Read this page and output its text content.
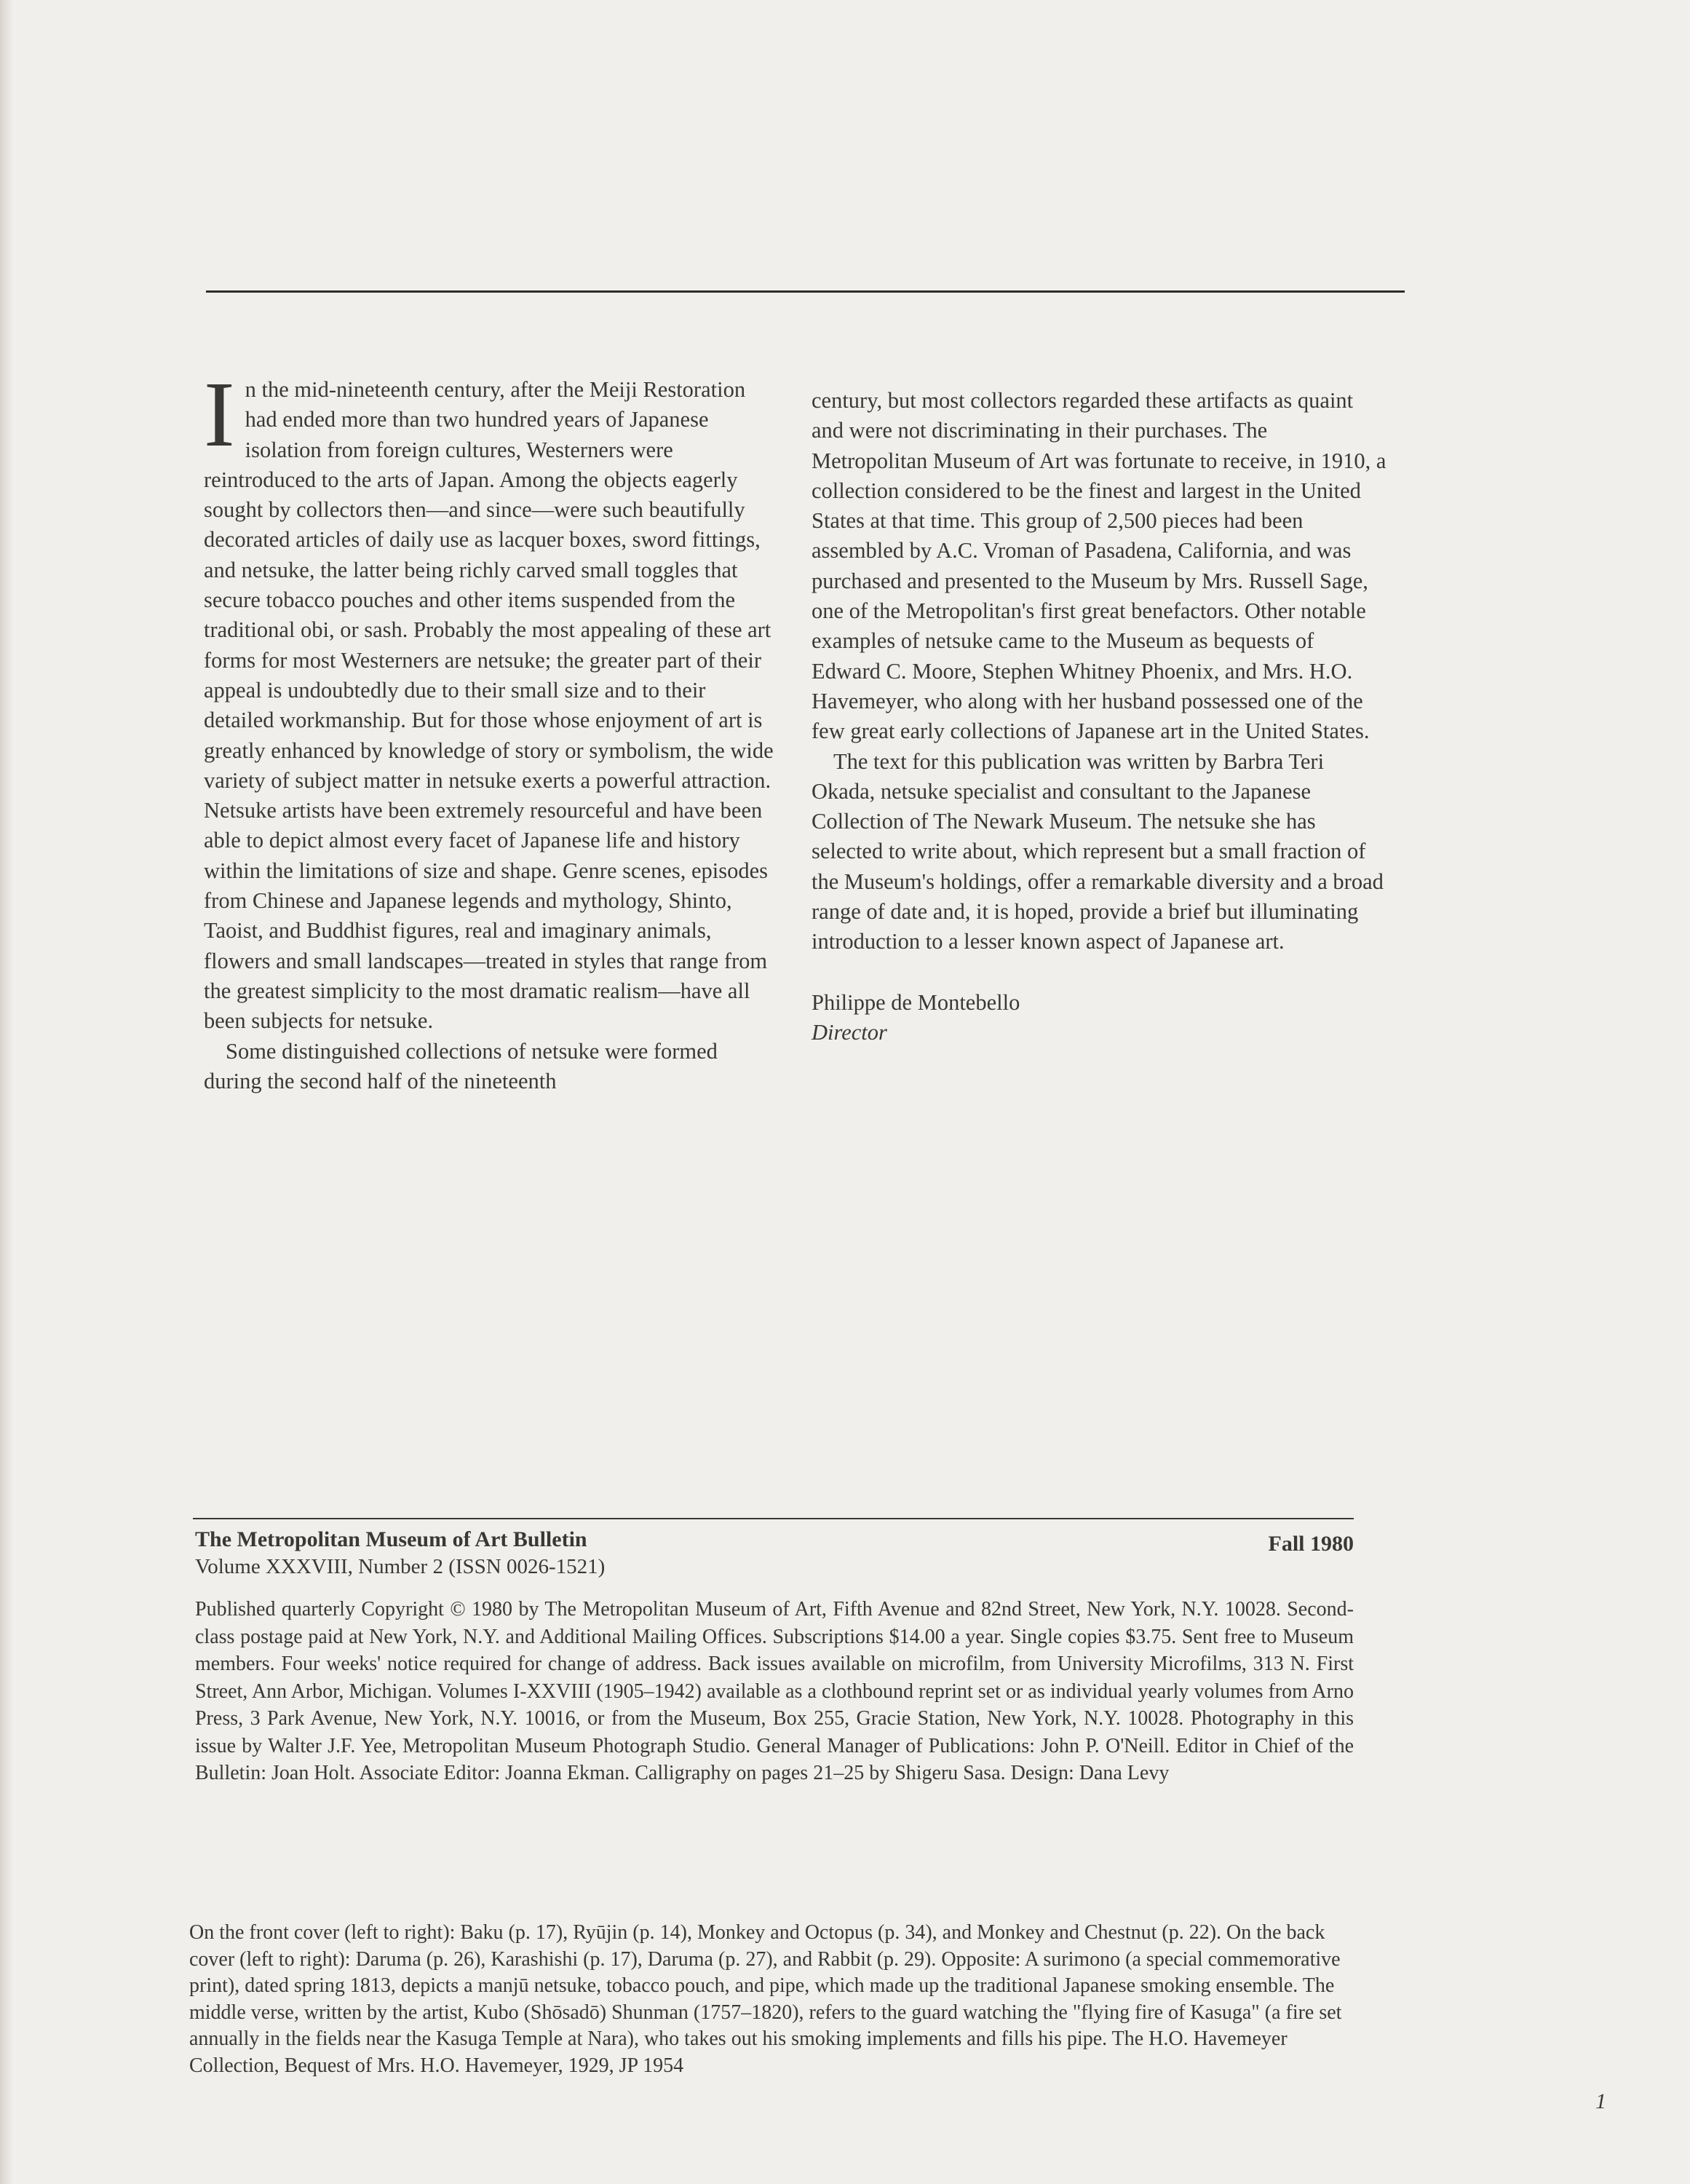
I n the mid-nineteenth century, after the Meiji Restoration had ended more than two hundred years of Japanese isolation from foreign cultures, Westerners were reintroduced to the arts of Japan. Among the objects eagerly sought by collectors then—and since—were such beautifully decorated articles of daily use as lacquer boxes, sword fittings, and netsuke, the latter being richly carved small toggles that secure tobacco pouches and other items suspended from the traditional obi, or sash. Probably the most appealing of these art forms for most Westerners are netsuke; the greater part of their appeal is undoubtedly due to their small size and to their detailed workmanship. But for those whose enjoyment of art is greatly enhanced by knowledge of story or symbolism, the wide variety of subject matter in netsuke exerts a powerful attraction. Netsuke artists have been extremely resourceful and have been able to depict almost every facet of Japanese life and history within the limitations of size and shape. Genre scenes, episodes from Chinese and Japanese legends and mythology, Shinto, Taoist, and Buddhist figures, real and imaginary animals, flowers and small landscapes—treated in styles that range from the greatest simplicity to the most dramatic realism—have all been subjects for netsuke.

Some distinguished collections of netsuke were formed during the second half of the nineteenth

century, but most collectors regarded these artifacts as quaint and were not discriminating in their purchases. The Metropolitan Museum of Art was fortunate to receive, in 1910, a collection considered to be the finest and largest in the United States at that time. This group of 2,500 pieces had been assembled by A.C. Vroman of Pasadena, California, and was purchased and presented to the Museum by Mrs. Russell Sage, one of the Metropolitan's first great benefactors. Other notable examples of netsuke came to the Museum as bequests of Edward C. Moore, Stephen Whitney Phoenix, and Mrs. H.O. Havemeyer, who along with her husband possessed one of the few great early collections of Japanese art in the United States.

The text for this publication was written by Barbra Teri Okada, netsuke specialist and consultant to the Japanese Collection of The Newark Museum. The netsuke she has selected to write about, which represent but a small fraction of the Museum's holdings, offer a remarkable diversity and a broad range of date and, it is hoped, provide a brief but illuminating introduction to a lesser known aspect of Japanese art.

Philippe de Montebello

Director

The Metropolitan Museum of Art Bulletin	Fall 1980
Volume XXXVIII, Number 2 (ISSN 0026-1521)
Published quarterly Copyright © 1980 by The Metropolitan Museum of Art, Fifth Avenue and 82nd Street, New York, N.Y. 10028. Second-class postage paid at New York, N.Y. and Additional Mailing Offices. Subscriptions $14.00 a year. Single copies $3.75. Sent free to Museum members. Four weeks' notice required for change of address. Back issues available on microfilm, from University Microfilms, 313 N. First Street, Ann Arbor, Michigan. Volumes I-XXVIII (1905–1942) available as a clothbound reprint set or as individual yearly volumes from Arno Press, 3 Park Avenue, New York, N.Y. 10016, or from the Museum, Box 255, Gracie Station, New York, N.Y. 10028. Photography in this issue by Walter J.F. Yee, Metropolitan Museum Photograph Studio. General Manager of Publications: John P. O'Neill. Editor in Chief of the Bulletin: Joan Holt. Associate Editor: Joanna Ekman. Calligraphy on pages 21–25 by Shigeru Sasa. Design: Dana Levy

On the front cover (left to right): Baku (p. 17), Ryūjin (p. 14), Monkey and Octopus (p. 34), and Monkey and Chestnut (p. 22). On the back cover (left to right): Daruma (p. 26), Karashishi (p. 17), Daruma (p. 27), and Rabbit (p. 29). Opposite: A surimono (a special commemorative print), dated spring 1813, depicts a manjū netsuke, tobacco pouch, and pipe, which made up the traditional Japanese smoking ensemble. The middle verse, written by the artist, Kubo (Shōsadō) Shunman (1757–1820), refers to the guard watching the "flying fire of Kasuga" (a fire set annually in the fields near the Kasuga Temple at Nara), who takes out his smoking implements and fills his pipe. The H.O. Havemeyer Collection, Bequest of Mrs. H.O. Havemeyer, 1929, JP 1954

1
